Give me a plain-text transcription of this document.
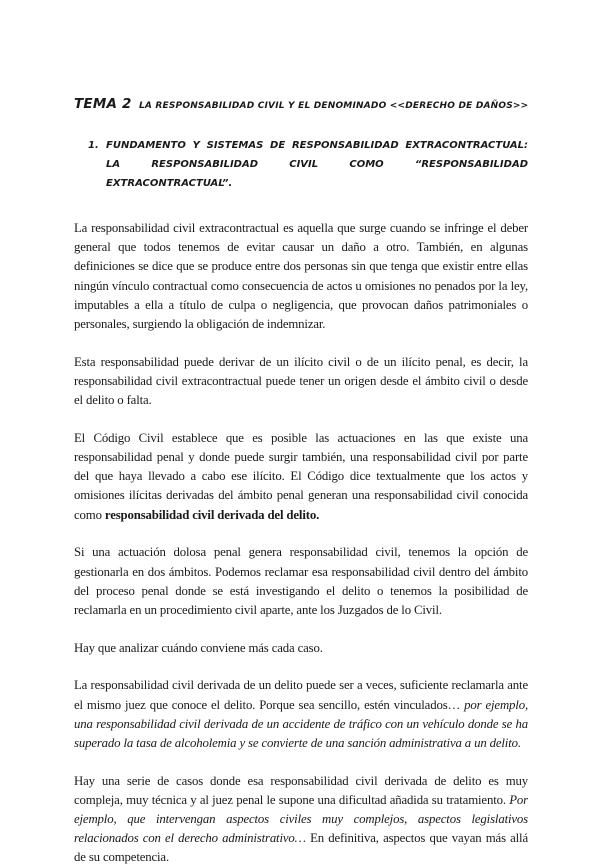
TEMA 2 LA RESPONSABILIDAD CIVIL Y EL DENOMINADO <<DERECHO DE DAÑOS>>
1. FUNDAMENTO Y SISTEMAS DE RESPONSABILIDAD EXTRACONTRACTUAL: LA RESPONSABILIDAD CIVIL COMO “RESPONSABILIDAD EXTRACONTRACTUAL”.

La responsabilidad civil extracontractual es aquella que surge cuando se infringe el deber general que todos tenemos de evitar causar un daño a otro. También, en algunas definiciones se dice que se produce entre dos personas sin que tenga que existir entre ellas ningún vínculo contractual como consecuencia de actos u omisiones no penados por la ley, imputables a ella a título de culpa o negligencia, que provocan daños patrimoniales o personales, surgiendo la obligación de indemnizar.

Esta responsabilidad puede derivar de un ilícito civil o de un ilícito penal, es decir, la responsabilidad civil extracontractual puede tener un origen desde el ámbito civil o desde el delito o falta.

El Código Civil establece que es posible las actuaciones en las que existe una responsabilidad penal y donde puede surgir también, una responsabilidad civil por parte del que haya llevado a cabo ese ilícito. El Código dice textualmente que los actos y omisiones ilícitas derivadas del ámbito penal generan una responsabilidad civil conocida como responsabilidad civil derivada del delito.

Si una actuación dolosa penal genera responsabilidad civil, tenemos la opción de gestionarla en dos ámbitos. Podemos reclamar esa responsabilidad civil dentro del ámbito del proceso penal donde se está investigando el delito o tenemos la posibilidad de reclamarla en un procedimiento civil aparte, ante los Juzgados de lo Civil.

Hay que analizar cuándo conviene más cada caso.

La responsabilidad civil derivada de un delito puede ser a veces, suficiente reclamarla ante el mismo juez que conoce el delito. Porque sea sencillo, estén vinculados… por ejemplo, una responsabilidad civil derivada de un accidente de tráfico con un vehículo donde se ha superado la tasa de alcoholemia y se convierte de una sanción administrativa a un delito.

Hay una serie de casos donde esa responsabilidad civil derivada de delito es muy compleja, muy técnica y al juez penal le supone una dificultad añadida su tratamiento. Por ejemplo, que intervengan aspectos civiles muy complejos, aspectos legislativos relacionados con el derecho administrativo… En definitiva, aspectos que vayan más allá de su competencia.
